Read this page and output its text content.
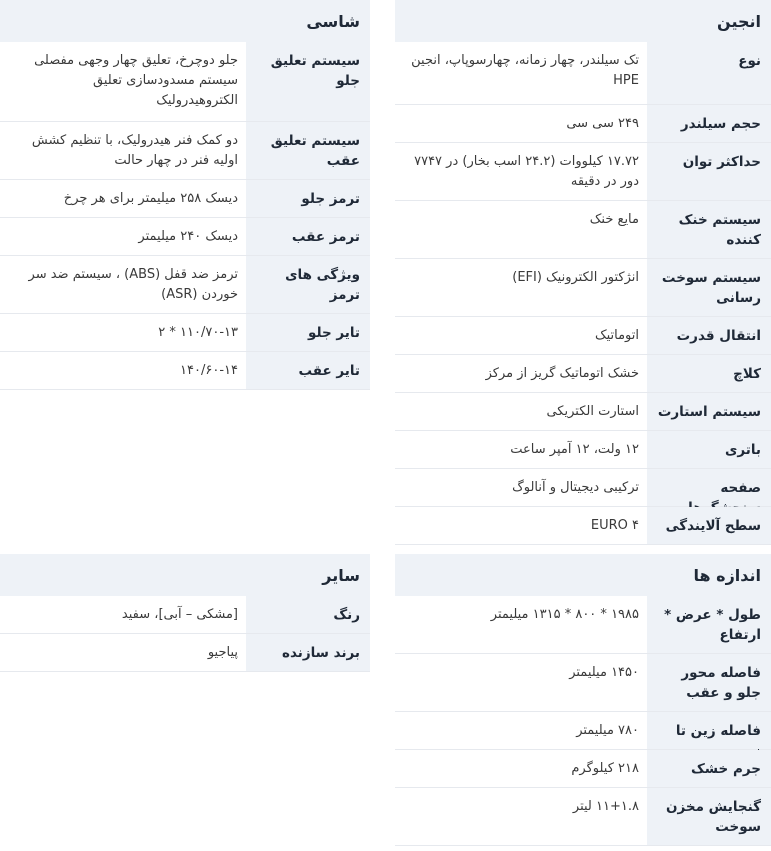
انجین
نوع
تک سیلندر، چهار زمانه، چهارسوپاپ، انجین HPE
حجم سیلندر
۲۴۹ سی سی
حداکثر توان
۱۷.۷۲ کیلووات (۲۴.۲ اسب بخار) در ۷۷۴۷ دور در دقیقه
سیستم خنک کننده
مایع خنک
سیستم سوخت رسانی
انژکتور الکترونیک (EFI)
انتقال قدرت
اتوماتیک
کلاچ
خشک اتوماتیک گریز از مرکز
سیستم استارت
استارت الکتریکی
باتری
۱۲ ولت، ۱۲ آمپر ساعت
صفحه
ترکیبی دیجیتال و آنالوگ
سطح آلایندگی
EURO ۴
شاسی
سیستم تعلیق جلو
جلو دوچرخ، تعلیق چهار وجهی مفصلی سیستم مسدودسازی تعلیق الکتروهیدرولیک
سیستم تعلیق عقب
دو کمک فنر هیدرولیک، با تنظیم کشش اولیه فنر در چهار حالت
ترمز جلو
دیسک ۲۵۸ میلیمتر برای هر چرخ
ترمز عقب
دیسک ۲۴۰ میلیمتر
ویژگی های ترمز
ترمز ضد قفل (ABS) ، سیستم ضد سر خوردن (ASR)
تایر جلو
۱۱۰/۷۰-۱۳ * ۲
تایر عقب
۱۴۰/۶۰-۱۴
اندازه ها
طول * عرض * ارتفاع
۱۹۸۵ * ۸۰۰ * ۱۳۱۵ میلیمتر
فاصله محور جلو و عقب
۱۴۵۰ میلیمتر
فاصله زین تا
۷۸۰ میلیمتر
جرم خشک
۲۱۸ کیلوگرم
گنجایش مخزن سوخت
۱۱+۱.۸ لیتر
سایر
رنگ
[مشکی – آبی]، سفید
برند سازنده
پیاجیو
